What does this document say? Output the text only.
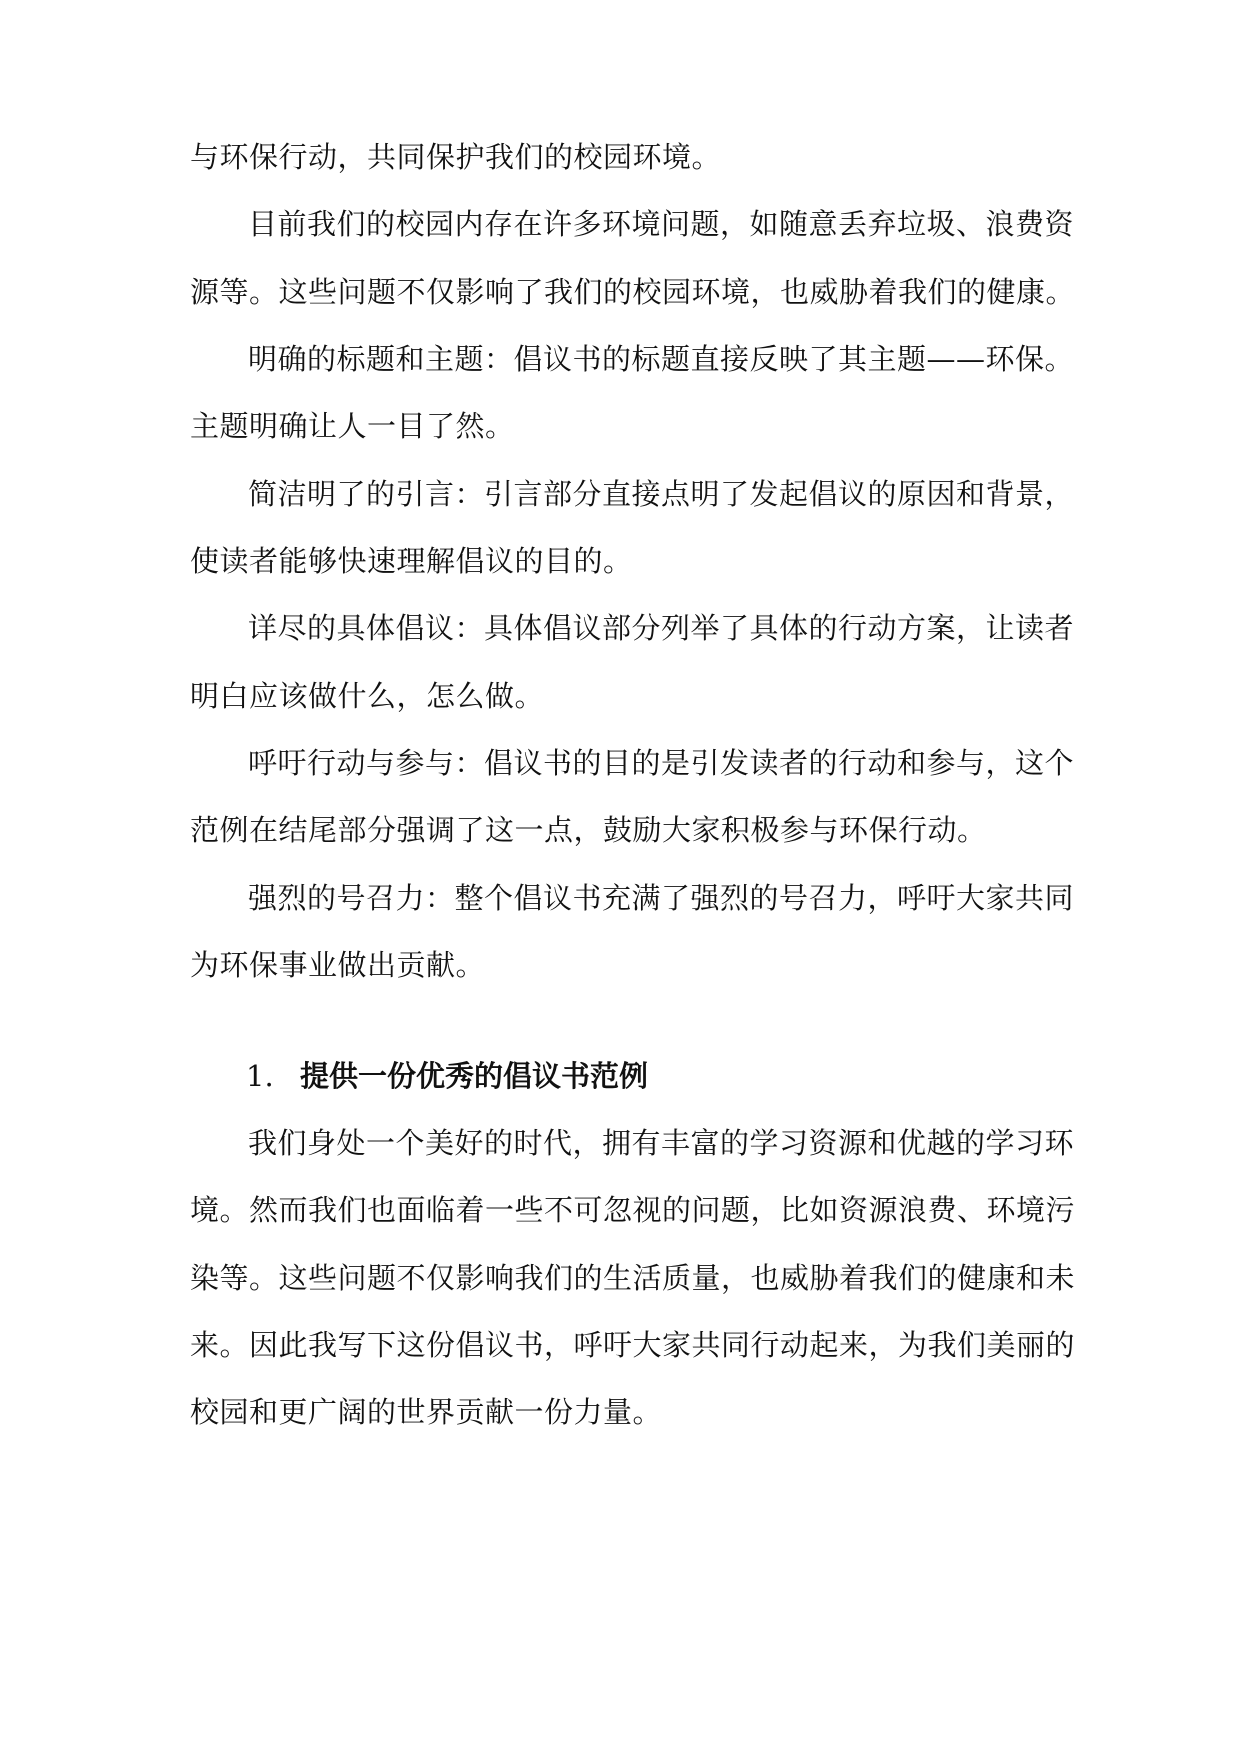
与环保行动，共同保护我们的校园环境。
目前我们的校园内存在许多环境问题，如随意丢弃垃圾、浪费资
源等。这些问题不仅影响了我们的校园环境，也威胁着我们的健康。
明确的标题和主题：倡议书的标题直接反映了其主题——环保。
主题明确让人一目了然。
简洁明了的引言：引言部分直接点明了发起倡议的原因和背景，
使读者能够快速理解倡议的目的。
详尽的具体倡议：具体倡议部分列举了具体的行动方案，让读者
明白应该做什么，怎么做。
呼吁行动与参与：倡议书的目的是引发读者的行动和参与，这个
范例在结尾部分强调了这一点，鼓励大家积极参与环保行动。
强烈的号召力：整个倡议书充满了强烈的号召力，呼吁大家共同
为环保事业做出贡献。
1. 提供一份优秀的倡议书范例
我们身处一个美好的时代，拥有丰富的学习资源和优越的学习环
境。然而我们也面临着一些不可忽视的问题，比如资源浪费、环境污
染等。这些问题不仅影响我们的生活质量，也威胁着我们的健康和未
来。因此我写下这份倡议书，呼吁大家共同行动起来，为我们美丽的
校园和更广阔的世界贡献一份力量。
